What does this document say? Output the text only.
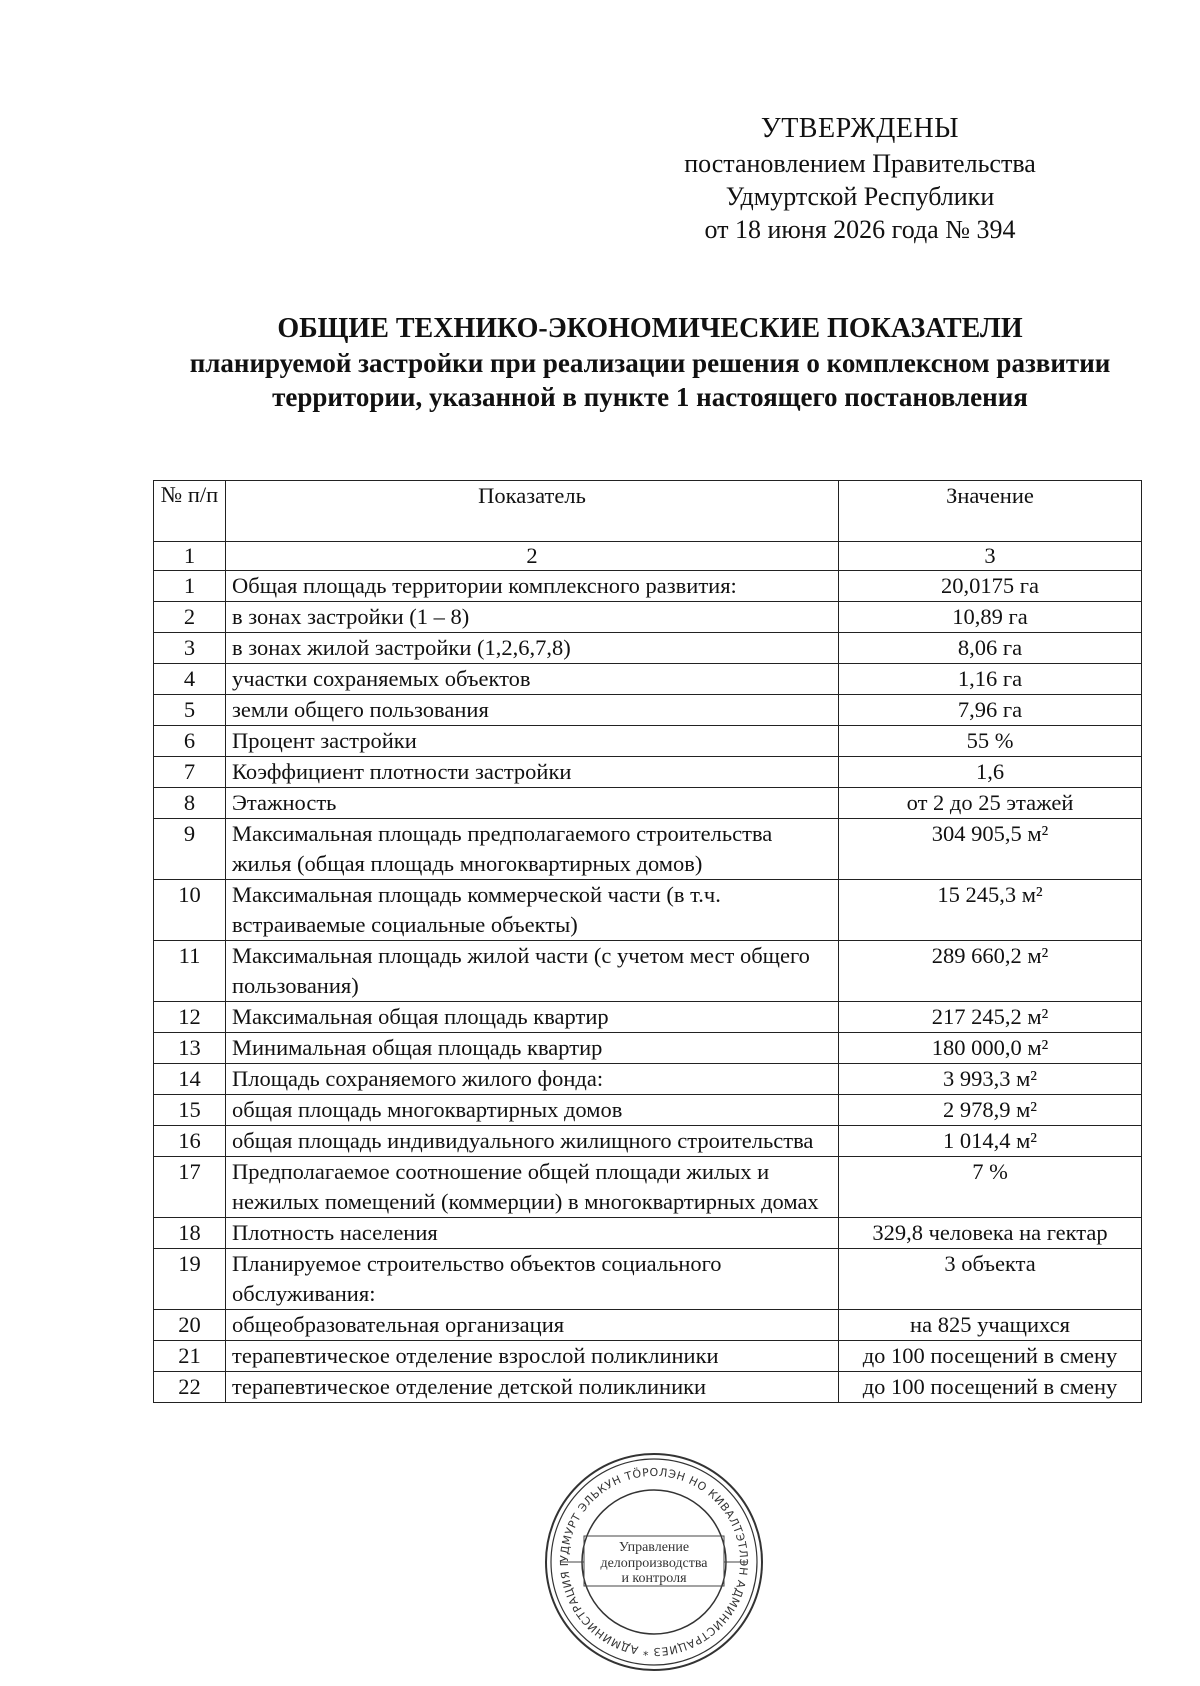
УТВЕРЖДЕНЫ
постановлением Правительства
Удмуртской Республики
от 18 июня 2026 года № 394
ОБЩИЕ ТЕХНИКО-ЭКОНОМИЧЕСКИЕ ПОКАЗАТЕЛИ
планируемой застройки при реализации решения о комплексном развитии
территории, указанной в пункте 1 настоящего постановления
№ п/п	Показатель	Значение
1	2	3
1	Общая площадь территории комплексного развития:	20,0175 га
2	в зонах застройки (1 – 8)	10,89 га
3	в зонах жилой застройки (1,2,6,7,8)	8,06 га
4	участки сохраняемых объектов	1,16 га
5	земли общего пользования	7,96 га
6	Процент застройки	55 %
7	Коэффициент плотности застройки	1,6
8	Этажность	от 2 до 25 этажей
9	Максимальная площадь предполагаемого строительства жилья (общая площадь многоквартирных домов)	304 905,5 м²
10	Максимальная площадь коммерческой части (в т.ч. встраиваемые социальные объекты)	15 245,3 м²
11	Максимальная площадь жилой части (с учетом мест общего пользования)	289 660,2 м²
12	Максимальная общая площадь квартир	217 245,2 м²
13	Минимальная общая площадь квартир	180 000,0 м²
14	Площадь сохраняемого жилого фонда:	3 993,3 м²
15	общая площадь многоквартирных домов	2 978,9 м²
16	общая площадь индивидуального жилищного строительства	1 014,4 м²
17	Предполагаемое соотношение общей площади жилых и нежилых помещений (коммерции) в многоквартирных домах	7 %
18	Плотность населения	329,8 человека на гектар
19	Планируемое строительство объектов социального обслуживания:	3 объекта
20	общеобразовательная организация	на 825 учащихся
21	терапевтическое отделение взрослой поликлиники	до 100 посещений в смену
22	терапевтическое отделение детской поликлиники	до 100 посещений в смену
УДМУРТ ЭЛЬКУН ТӦРОЛЭН НО КИВАЛТЭТЛЭН АДМИНИСТРАЦИЕЗ * АДМИНИСТРАЦИЯ Г
Управление
делопроизводства
и контроля
